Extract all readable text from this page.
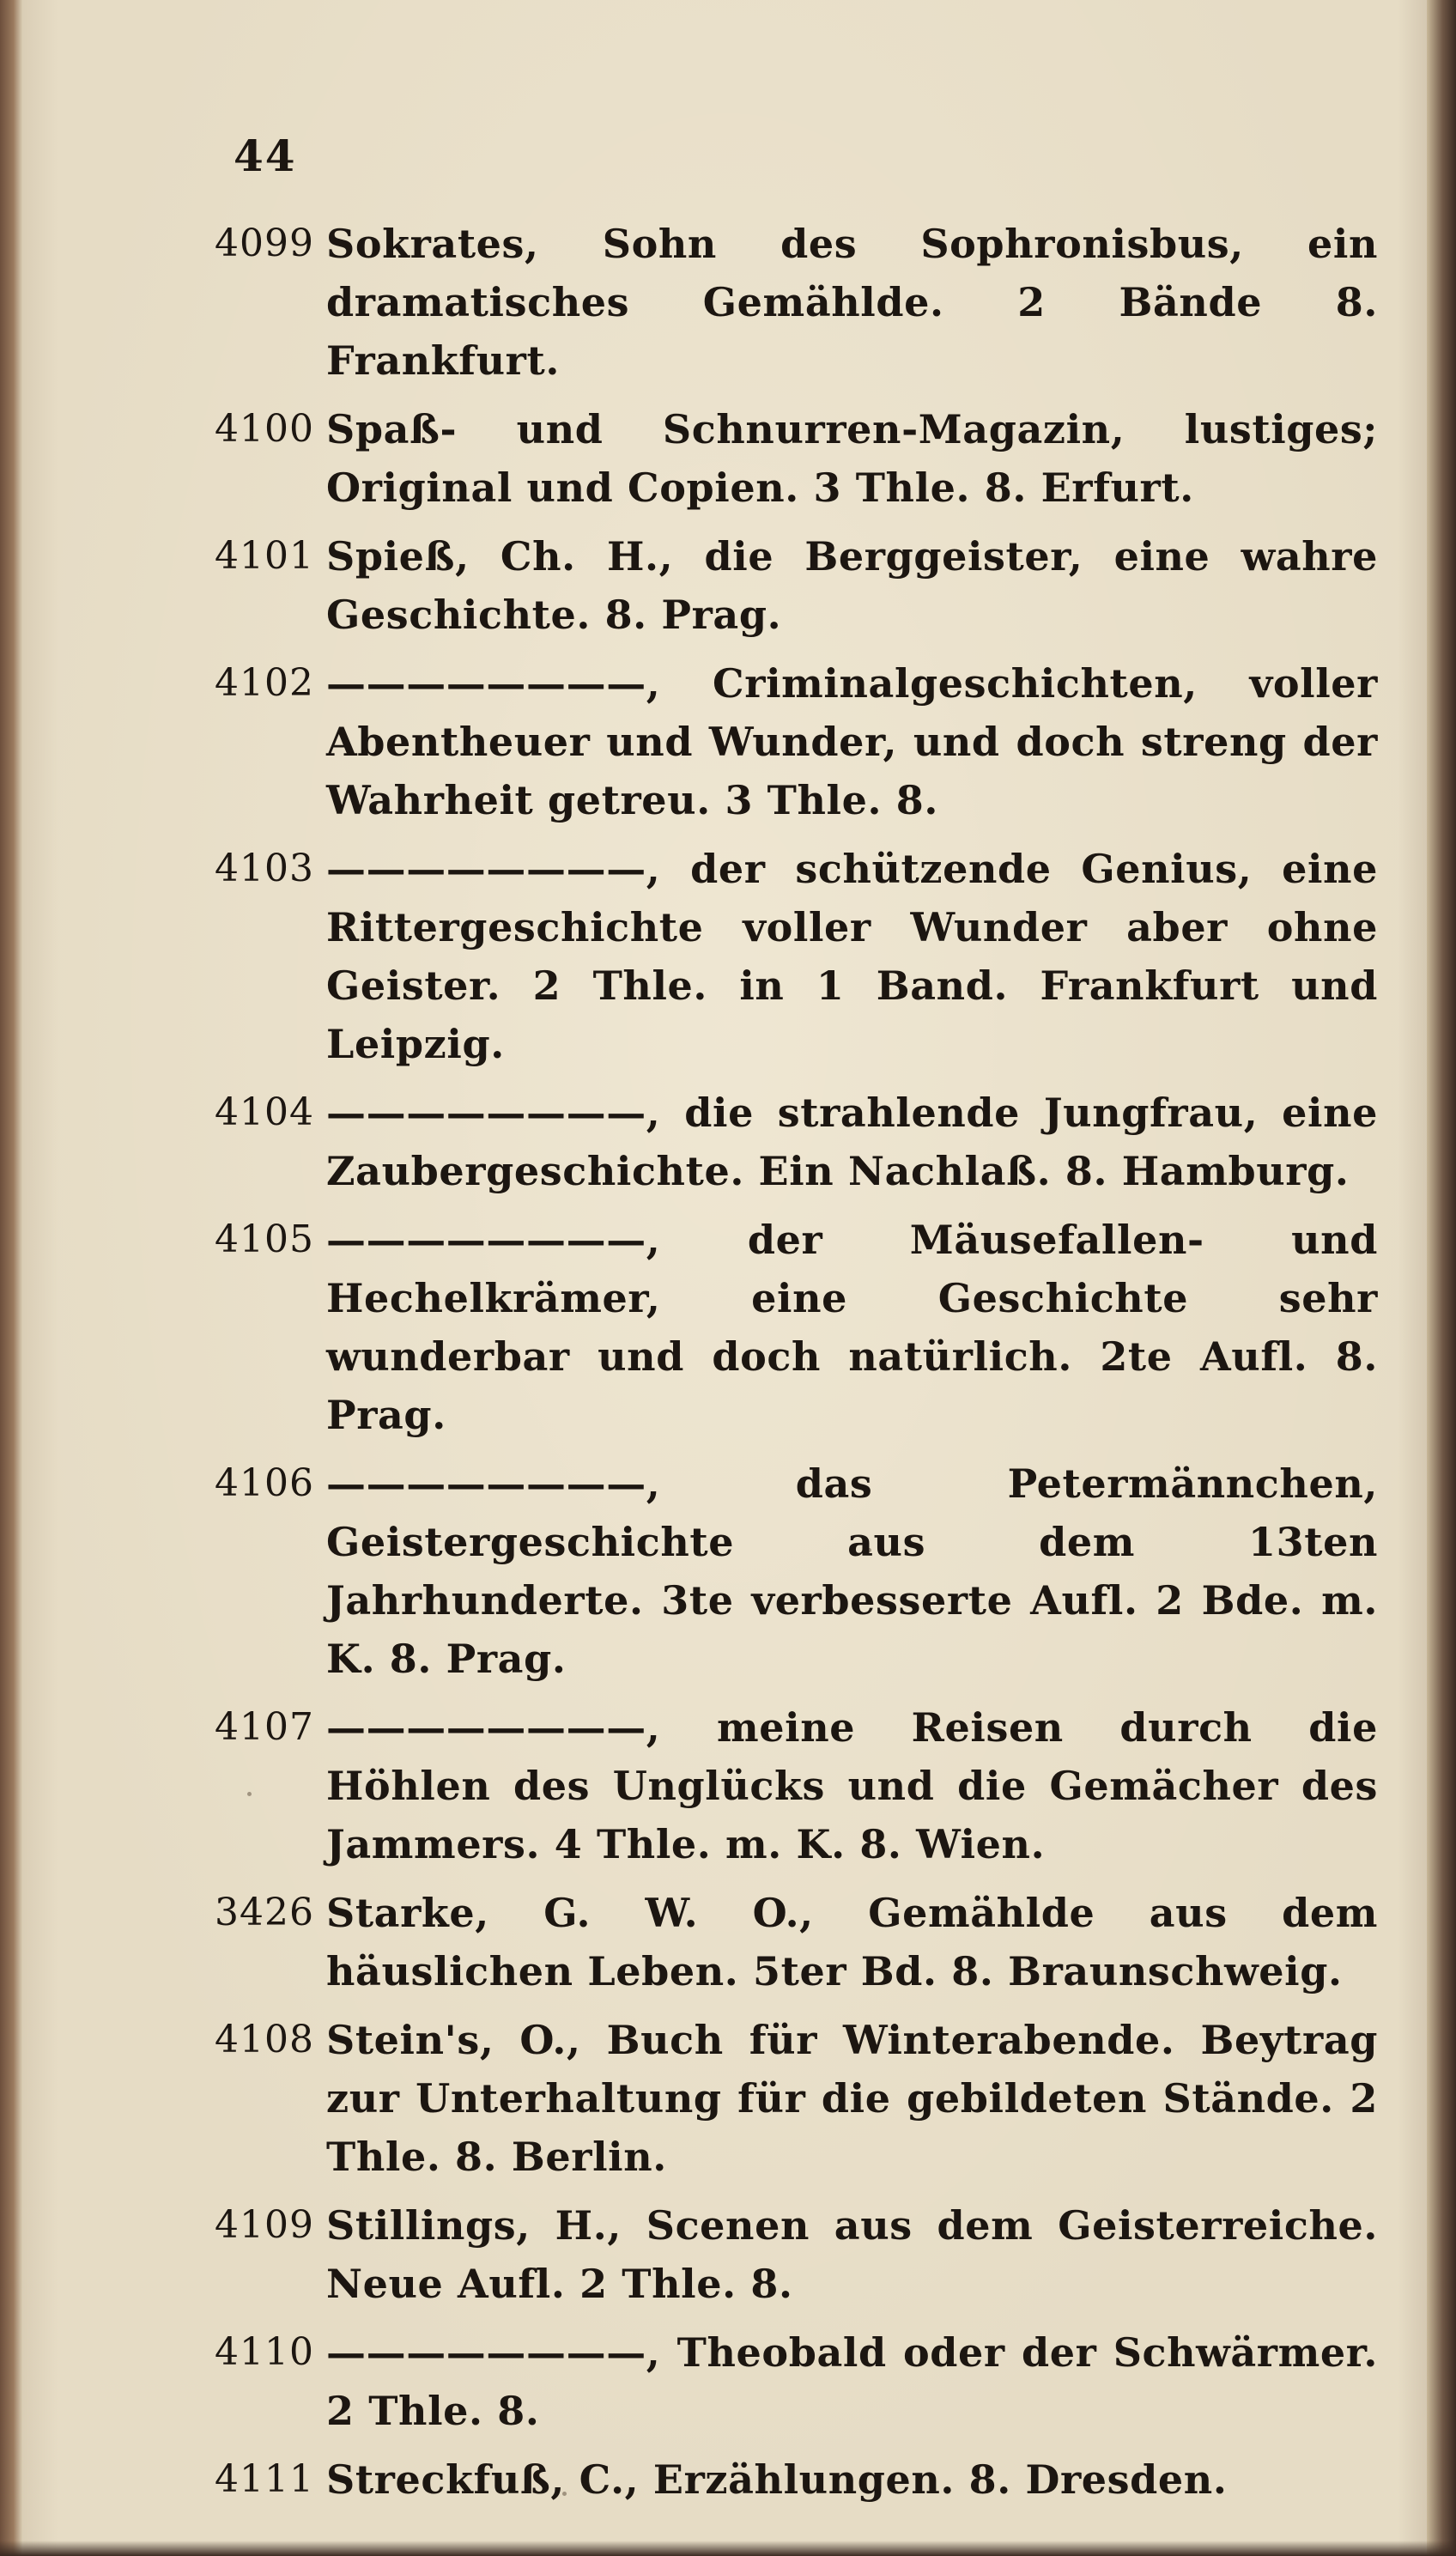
44

4099 Sokrates, Sohn des Sophronisbus, ein dramatisches Gemählde. 2 Bände 8. Frankfurt.
4100 Spaß- und Schnurren-Magazin, lustiges; Original und Copien. 3 Thle. 8. Erfurt.
4101 Spieß, Ch. H., die Berggeister, eine wahre Geschichte. 8. Prag.
4102 ————————, Criminalgeschichten, voller Abentheuer und Wunder, und doch streng der Wahrheit getreu. 3 Thle. 8.
4103 ————————, der schützende Genius, eine Rittergeschichte voller Wunder aber ohne Geister. 2 Thle. in 1 Band. Frankfurt und Leipzig.
4104 ————————, die strahlende Jungfrau, eine Zaubergeschichte. Ein Nachlaß. 8. Hamburg.
4105 ————————, der Mäusefallen- und Hechelkrämer, eine Geschichte sehr wunderbar und doch natürlich. 2te Aufl. 8. Prag.
4106 ————————, das Petermännchen, Geistergeschichte aus dem 13ten Jahrhunderte. 3te verbesserte Aufl. 2 Bde. m. K. 8. Prag.
4107 ————————, meine Reisen durch die Höhlen des Unglücks und die Gemächer des Jammers. 4 Thle. m. K. 8. Wien.
3426 Starke, G. W. O., Gemählde aus dem häuslichen Leben. 5ter Bd. 8. Braunschweig.
4108 Stein's, O., Buch für Winterabende. Beytrag zur Unterhaltung für die gebildeten Stände. 2 Thle. 8. Berlin.
4109 Stillings, H., Scenen aus dem Geisterreiche. Neue Aufl. 2 Thle. 8.
4110 ————————, Theobald oder der Schwärmer. 2 Thle. 8.
4111 Streckfuß, C., Erzählungen. 8. Dresden.
